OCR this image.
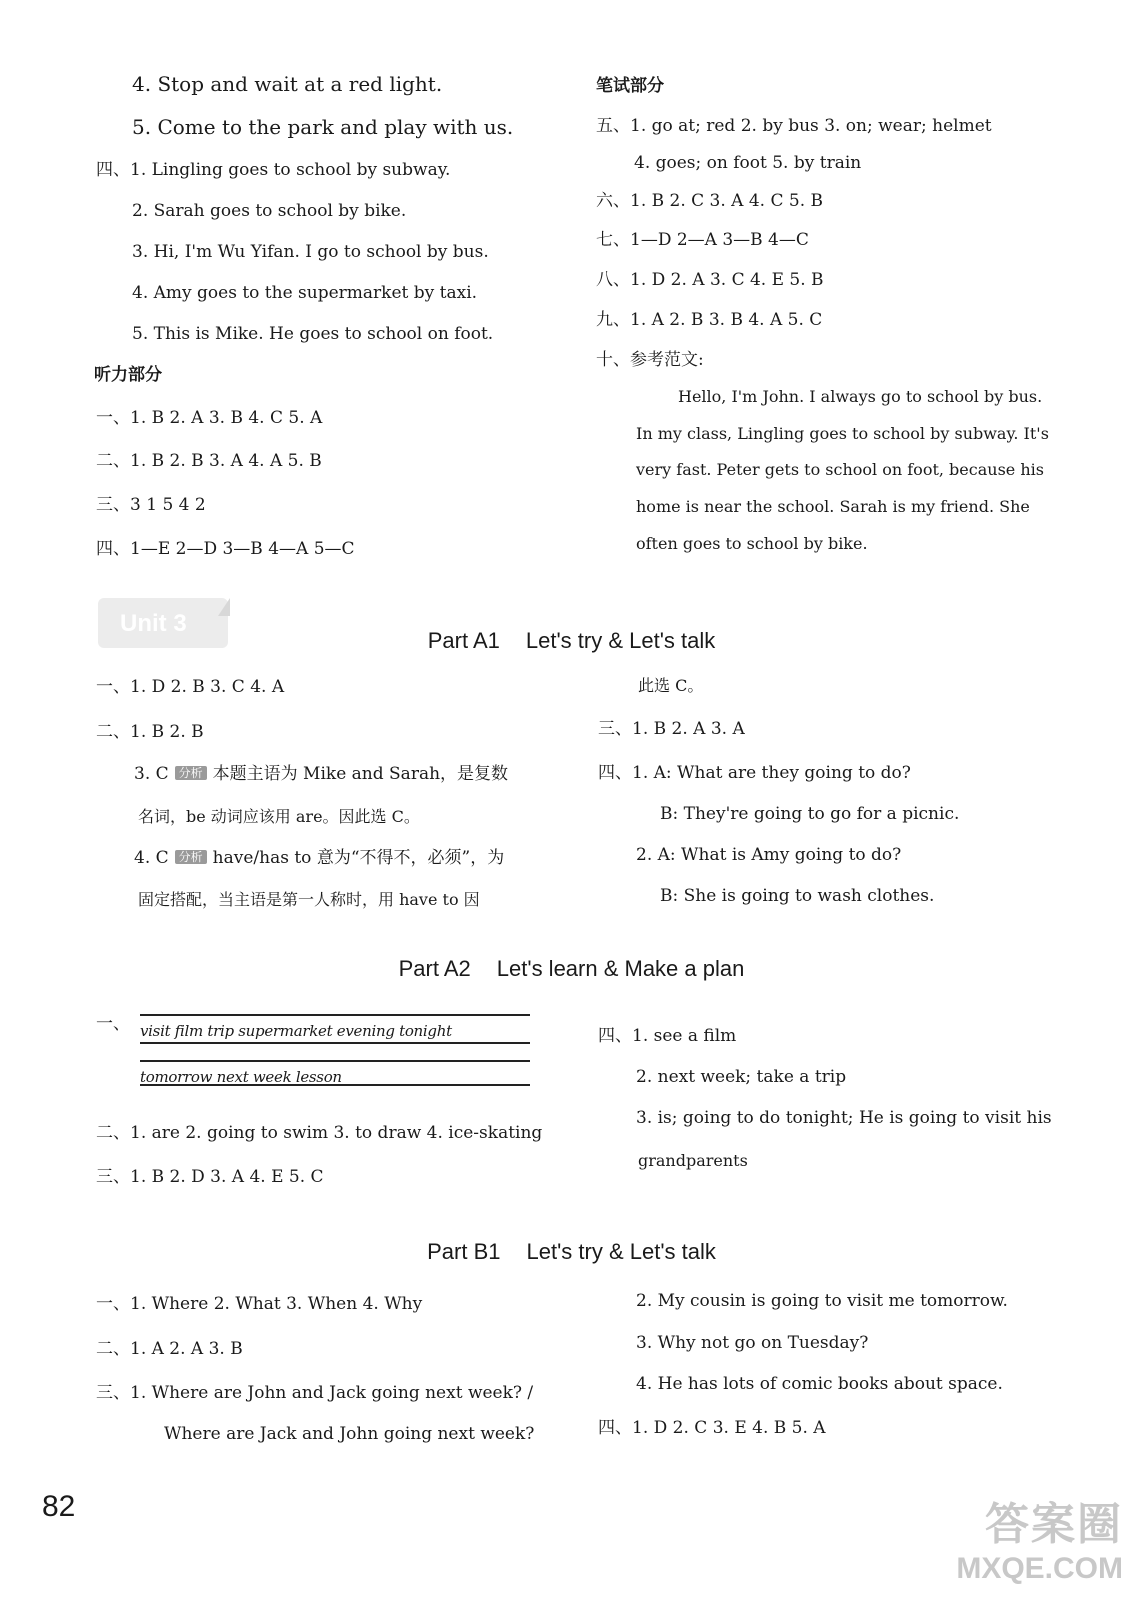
4. Stop and wait at a red light.
5. Come to the park and play with us.
四、1. Lingling goes to school by subway.
2. Sarah goes to school by bike.
3. Hi, I'm Wu Yifan. I go to school by bus.
4. Amy goes to the supermarket by taxi.
5. This is Mike. He goes to school on foot.
听力部分
一、1. B 2. A 3. B 4. C 5. A
二、1. B 2. B 3. A 4. A 5. B
三、3 1 5 4 2
四、1—E 2—D 3—B 4—A 5—C
笔试部分
五、1. go at; red 2. by bus 3. on; wear; helmet
4. goes; on foot 5. by train
六、1. B 2. C 3. A 4. C 5. B
七、1—D 2—A 3—B 4—C
八、1. D 2. A 3. C 4. E 5. B
九、1. A 2. B 3. B 4. A 5. C
十、参考范文:
Hello, I'm John. I always go to school by bus.
In my class, Lingling goes to school by subway. It's
very fast. Peter gets to school on foot, because his
home is near the school. Sarah is my friend. She
often goes to school by bike.
Unit 3
Part A1 Let's try & Let's talk
一、1. D 2. B 3. C 4. A
二、1. B 2. B
3. C 分析 本题主语为 Mike and Sarah，是复数
名词，be 动词应该用 are。因此选 C。
4. C 分析 have/has to 意为“不得不，必须”，为
固定搭配，当主语是第一人称时，用 have to 因
此选 C。
三、1. B 2. A 3. A
四、1. A: What are they going to do?
B: They're going to go for a picnic.
2. A: What is Amy going to do?
B: She is going to wash clothes.
Part A2 Let's learn & Make a plan
一、 visit film trip supermarket evening tonight
tomorrow next week lesson
二、1. are 2. going to swim 3. to draw 4. ice-skating
三、1. B 2. D 3. A 4. E 5. C
四、1. see a film
2. next week; take a trip
3. is; going to do tonight; He is going to visit his
grandparents
Part B1 Let's try & Let's talk
一、1. Where 2. What 3. When 4. Why
二、1. A 2. A 3. B
三、1. Where are John and Jack going next week? /
Where are Jack and John going next week?
2. My cousin is going to visit me tomorrow.
3. Why not go on Tuesday?
4. He has lots of comic books about space.
四、1. D 2. C 3. E 4. B 5. A
82	答案圈
MXQE.COM
